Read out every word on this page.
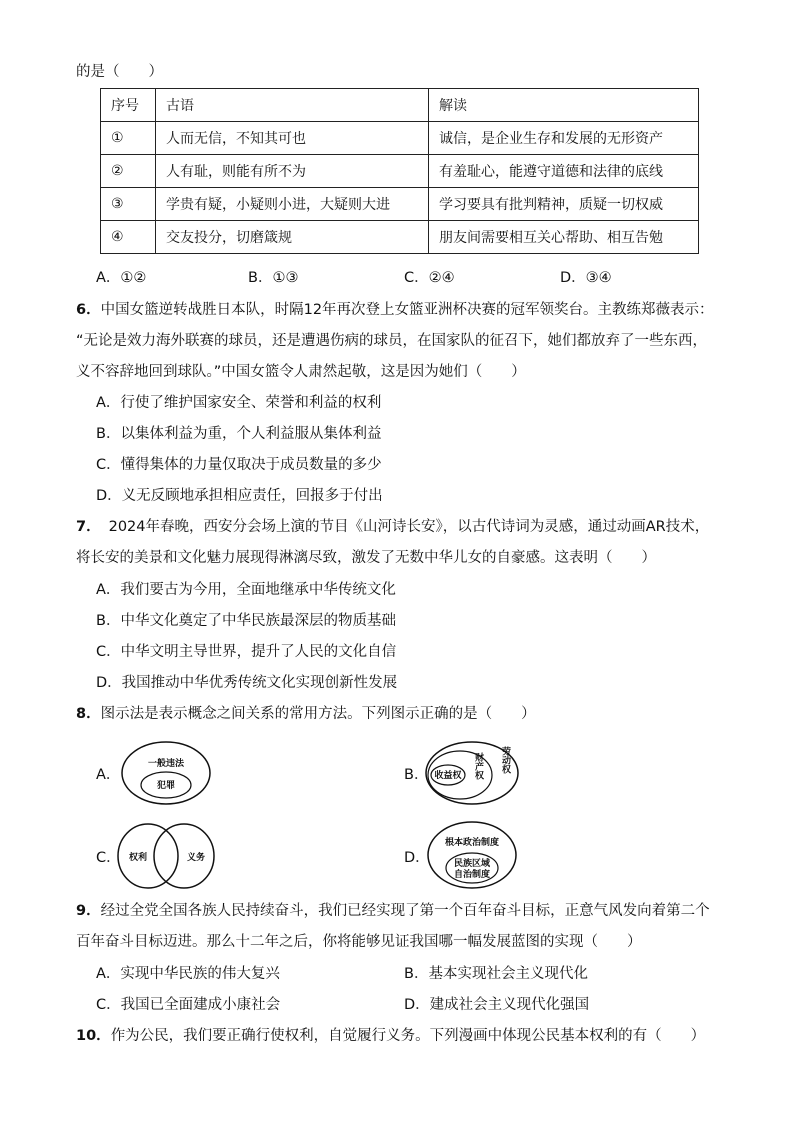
的是（　　）
序号	古语	解读
①	人而无信，不知其可也	诚信，是企业生存和发展的无形资产
②	人有耻，则能有所不为	有羞耻心，能遵守道德和法律的底线
③	学贵有疑，小疑则小进，大疑则大进	学习要具有批判精神，质疑一切权威
④	交友投分，切磨箴规	朋友间需要相互关心帮助、相互告勉
A．①②	B．①③	C．②④	D．③④
6．中国女篮逆转战胜日本队，时隔12年再次登上女篮亚洲杯决赛的冠军领奖台。主教练郑薇表示：
“无论是效力海外联赛的球员，还是遭遇伤病的球员，在国家队的征召下，她们都放弃了一些东西，
义不容辞地回到球队。”中国女篮令人肃然起敬，这是因为她们（　　）
A．行使了维护国家安全、荣誉和利益的权利
B．以集体利益为重，个人利益服从集体利益
C．懂得集体的力量仅取决于成员数量的多少
D．义无反顾地承担相应责任，回报多于付出
7． 2024年春晚，西安分会场上演的节目《山河诗长安》，以古代诗词为灵感，通过动画AR技术，
将长安的美景和文化魅力展现得淋漓尽致，激发了无数中华儿女的自豪感。这表明（　　）
A．我们要古为今用，全面地继承中华传统文化
B．中华文化奠定了中华民族最深层的物质基础
C．中华文明主导世界，提升了人民的文化自信
D．我国推动中华优秀传统文化实现创新性发展
8．图示法是表示概念之间关系的常用方法。下列图示正确的是（　　）
A．
一般违法
犯罪
B． 收益权 财产权 劳动权
C． 权利	义务	D．
根本政治制度
民族区域
自治制度
9．经过全党全国各族人民持续奋斗，我们已经实现了第一个百年奋斗目标，正意气风发向着第二个
百年奋斗目标迈进。那么十二年之后，你将能够见证我国哪一幅发展蓝图的实现（　　）
A．实现中华民族的伟大复兴	B．基本实现社会主义现代化
C．我国已全面建成小康社会	D．建成社会主义现代化强国
10．作为公民，我们要正确行使权利，自觉履行义务。下列漫画中体现公民基本权利的有（　　）
